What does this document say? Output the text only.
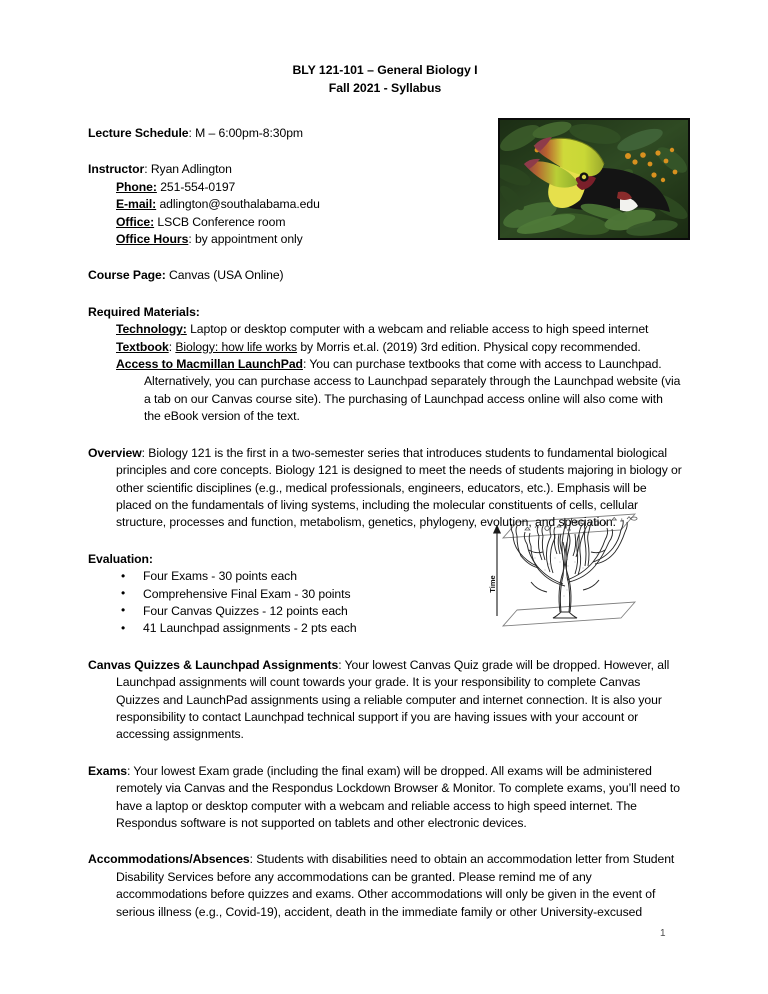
Time
BLY 121-101 – General Biology I
Fall 2021 - Syllabus

Lecture Schedule: M – 6:00pm-8:30pm

Instructor: Ryan Adlington

Phone: 251-554-0197

E-mail: adlington@southalabama.edu

Office: LSCB Conference room

Office Hours: by appointment only

Course Page: Canvas (USA Online)

Required Materials:

Technology: Laptop or desktop computer with a webcam and reliable access to high speed internet

Textbook: Biology: how life works by Morris et.al. (2019) 3rd edition. Physical copy recommended.

Access to Macmillan LaunchPad: You can purchase textbooks that come with access to Launchpad. Alternatively, you can purchase access to Launchpad separately through the Launchpad website (via a tab on our Canvas course site). The purchasing of Launchpad access online will also come with the eBook version of the text.

Overview: Biology 121 is the first in a two-semester series that introduces students to fundamental biological principles and core concepts. Biology 121 is designed to meet the needs of students majoring in biology or other scientific disciplines (e.g., medical professionals, engineers, educators, etc.). Emphasis will be placed on the fundamentals of living systems, including the molecular constituents of cells, cellular structure, processes and function, metabolism, genetics, phylogeny, evolution, and speciation.

Evaluation:

• Four Exams - 30 points each
• Comprehensive Final Exam - 30 points
• Four Canvas Quizzes - 12 points each
• 41 Launchpad assignments - 2 pts each

Canvas Quizzes & Launchpad Assignments: Your lowest Canvas Quiz grade will be dropped. However, all Launchpad assignments will count towards your grade. It is your responsibility to complete Canvas Quizzes and LaunchPad assignments using a reliable computer and internet connection. It is also your responsibility to contact Launchpad technical support if you are having issues with your account or accessing assignments.

Exams: Your lowest Exam grade (including the final exam) will be dropped. All exams will be administered remotely via Canvas and the Respondus Lockdown Browser & Monitor. To complete exams, you’ll need to have a laptop or desktop computer with a webcam and reliable access to high speed internet. The Respondus software is not supported on tablets and other electronic devices.

Accommodations/Absences: Students with disabilities need to obtain an accommodation letter from Student Disability Services before any accommodations can be granted. Please remind me of any accommodations before quizzes and exams. Other accommodations will only be given in the event of serious illness (e.g., Covid-19), accident, death in the immediate family or other University-excused

1
